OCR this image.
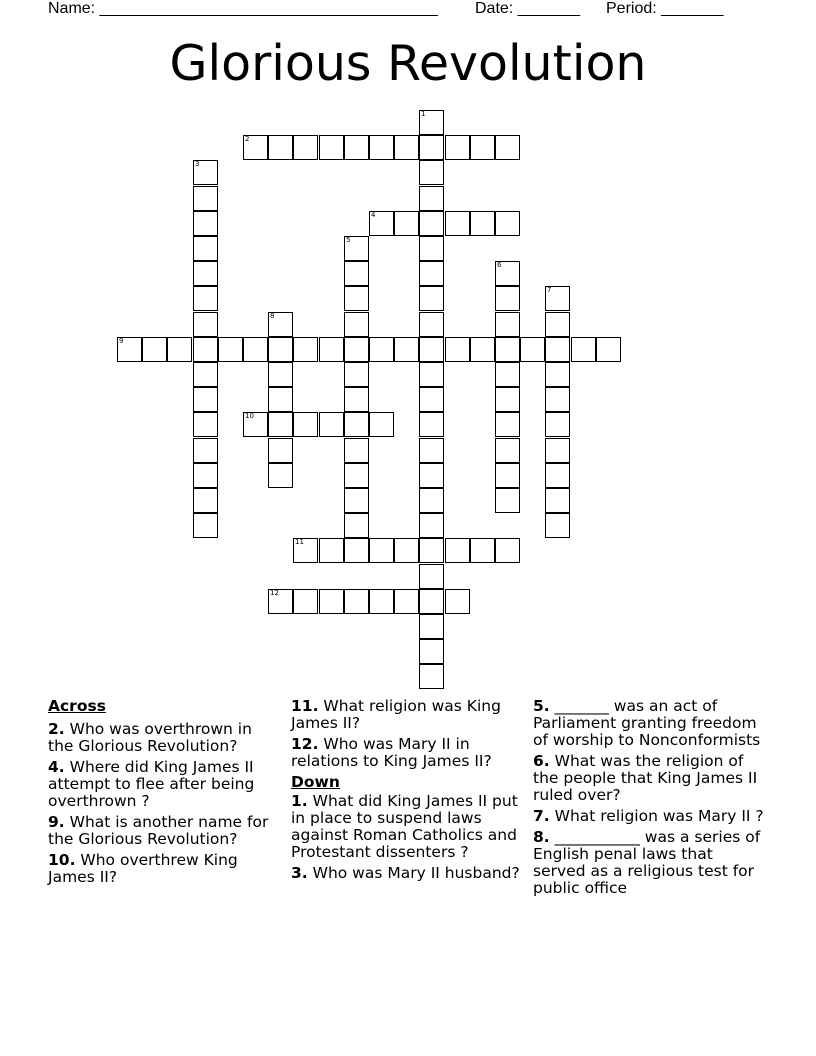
Name: ______________________________________ Date: _______ Period: _______
Glorious Revolution
1
2
3
4
5
6
7
8
9
10
11
12
Across
2. Who was overthrown in the Glorious Revolution?
4. Where did King James II attempt to flee after being overthrown ?
9. What is another name for the Glorious Revolution?
10. Who overthrew King James II?
11. What religion was King James II?
12. Who was Mary II in relations to King James II?
Down
1. What did King James II put in place to suspend laws against Roman Catholics and Protestant dissenters ?
3. Who was Mary II husband?
5. _______ was an act of Parliament granting freedom of worship to Nonconformists
6. What was the religion of the people that King James II ruled over?
7. What religion was Mary II ?
8. ___________ was a series of English penal laws that served as a religious test for public office
